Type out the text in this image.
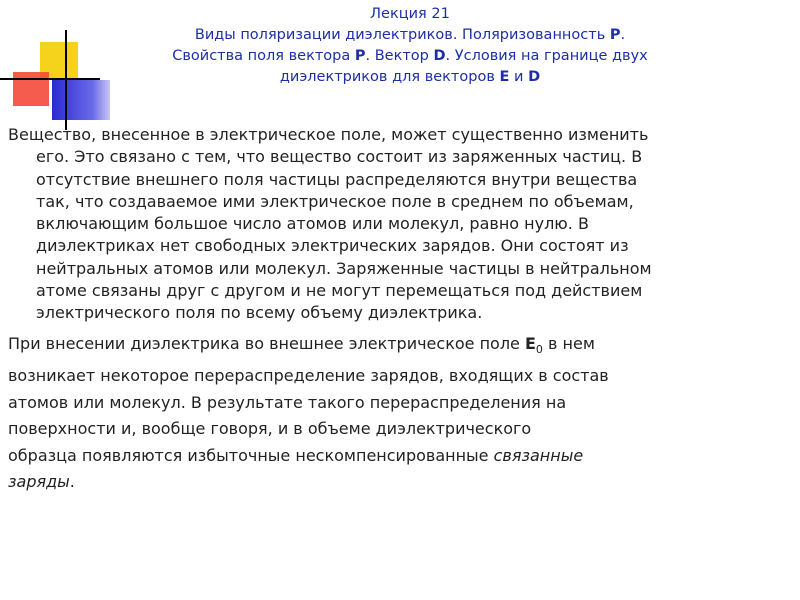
Лекция 21
Виды поляризации диэлектриков. Поляризованность P.
Свойства поля вектора P. Вектор D. Условия на границе двух
диэлектриков для векторов E и D

Вещество, внесенное в электрическое поле, может существенно изменить
его. Это связано с тем, что вещество состоит из заряженных частиц. В
отсутствие внешнего поля частицы распределяются внутри вещества
так, что создаваемое ими электрическое поле в среднем по объемам,
включающим большое число атомов или молекул, равно нулю. В
диэлектриках нет свободных электрических зарядов. Они состоят из
нейтральных атомов или молекул. Заряженные частицы в нейтральном
атоме связаны друг с другом и не могут перемещаться под действием
электрического поля по всему объему диэлектрика.

При внесении диэлектрика во внешнее электрическое поле $E_0$ в нем
возникает некоторое перераспределение зарядов, входящих в состав
атомов или молекул. В результате такого перераспределения на
поверхности и, вообще говоря, и в объеме диэлектрического
образца появляются избыточные нескомпенсированные связанные
заряды.
